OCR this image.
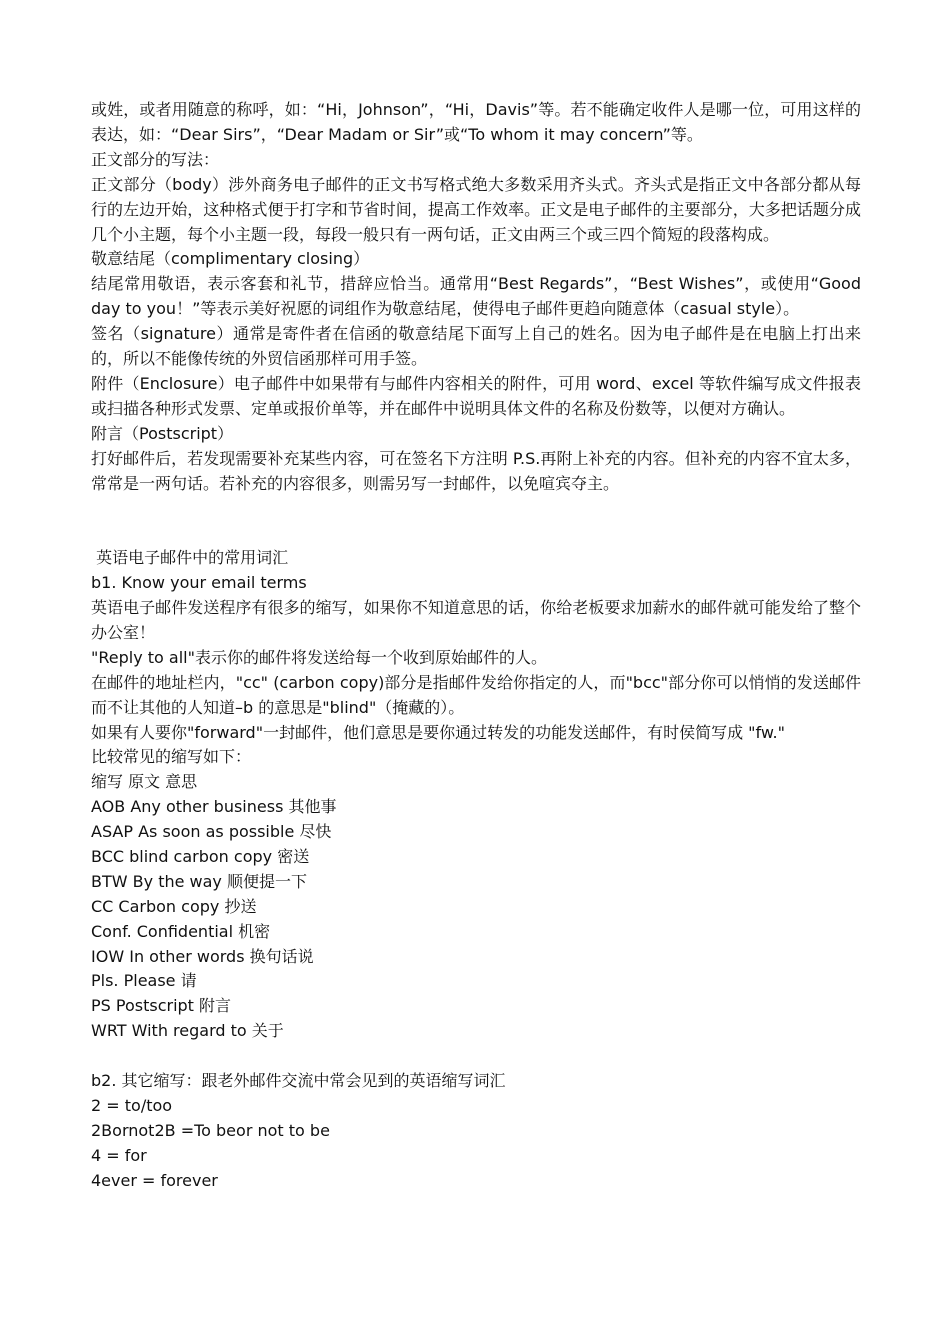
或姓，或者用随意的称呼，如：“Hi，Johnson”，“Hi，Davis”等。若不能确定收件人是哪一位，可用这样的表达，如：“Dear Sirs”，“Dear Madam or Sir”或“To whom it may concern”等。
正文部分的写法：
正文部分（body）涉外商务电子邮件的正文书写格式绝大多数采用齐头式。齐头式是指正文中各部分都从每行的左边开始，这种格式便于打字和节省时间，提高工作效率。正文是电子邮件的主要部分，大多把话题分成几个小主题，每个小主题一段，每段一般只有一两句话，正文由两三个或三四个简短的段落构成。
敬意结尾（complimentary closing）
结尾常用敬语，表示客套和礼节，措辞应恰当。通常用“Best Regards”，“Best Wishes”，或使用“Good day to you！”等表示美好祝愿的词组作为敬意结尾，使得电子邮件更趋向随意体（casual style）。
签名（signature）通常是寄件者在信函的敬意结尾下面写上自己的姓名。因为电子邮件是在电脑上打出来的，所以不能像传统的外贸信函那样可用手签。
附件（Enclosure）电子邮件中如果带有与邮件内容相关的附件，可用 word、excel 等软件编写成文件报表或扫描各种形式发票、定单或报价单等，并在邮件中说明具体文件的名称及份数等，以便对方确认。
附言（Postscript）
打好邮件后，若发现需要补充某些内容，可在签名下方注明 P.S.再附上补充的内容。但补充的内容不宜太多，常常是一两句话。若补充的内容很多，则需另写一封邮件，以免喧宾夺主。
英语电子邮件中的常用词汇
b1. Know your email terms
英语电子邮件发送程序有很多的缩写，如果你不知道意思的话，你给老板要求加薪水的邮件就可能发给了整个办公室！
"Reply to all"表示你的邮件将发送给每一个收到原始邮件的人。
在邮件的地址栏内，"cc" (carbon copy)部分是指邮件发给你指定的人，而"bcc"部分你可以悄悄的发送邮件而不让其他的人知道–b 的意思是"blind"（掩藏的）。
如果有人要你"forward"一封邮件，他们意思是要你通过转发的功能发送邮件，有时侯简写成 "fw."
比较常见的缩写如下：
缩写 原文 意思
AOB Any other business 其他事
ASAP As soon as possible 尽快
BCC blind carbon copy 密送
BTW By the way 顺便提一下
CC Carbon copy 抄送
Conf. Confidential 机密
IOW In other words 换句话说
Pls. Please 请
PS Postscript 附言
WRT With regard to 关于
b2. 其它缩写：跟老外邮件交流中常会见到的英语缩写词汇
2 = to/too
2Bornot2B =To beor not to be
4 = for
4ever = forever
